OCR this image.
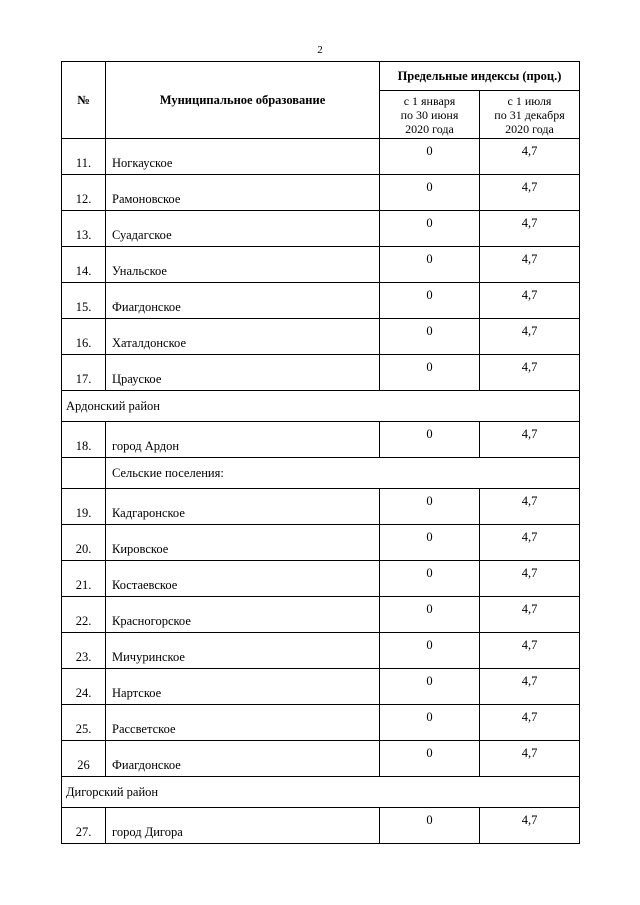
2
№	Муниципальное образование	Предельные индексы (проц.)	
		с 1 января
по 30 июня
2020 года	с 1 июля
по 31 декабря
2020 года
11.	Ногкауское	0	4,7
12.	Рамоновское	0	4,7
13.	Суадагское	0	4,7
14.	Унальское	0	4,7
15.	Фиагдонское	0	4,7
16.	Хаталдонское	0	4,7
17.	Црауское	0	4,7
Ардонский район			
18.	город Ардон	0	4,7
	Сельские поселения:		
19.	Кадгаронское	0	4,7
20.	Кировское	0	4,7
21.	Костаевское	0	4,7
22.	Красногорское	0	4,7
23.	Мичуринское	0	4,7
24.	Нартское	0	4,7
25.	Рассветское	0	4,7
26	Фиагдонское	0	4,7
Дигорский район			
27.	город Дигора	0	4,7
